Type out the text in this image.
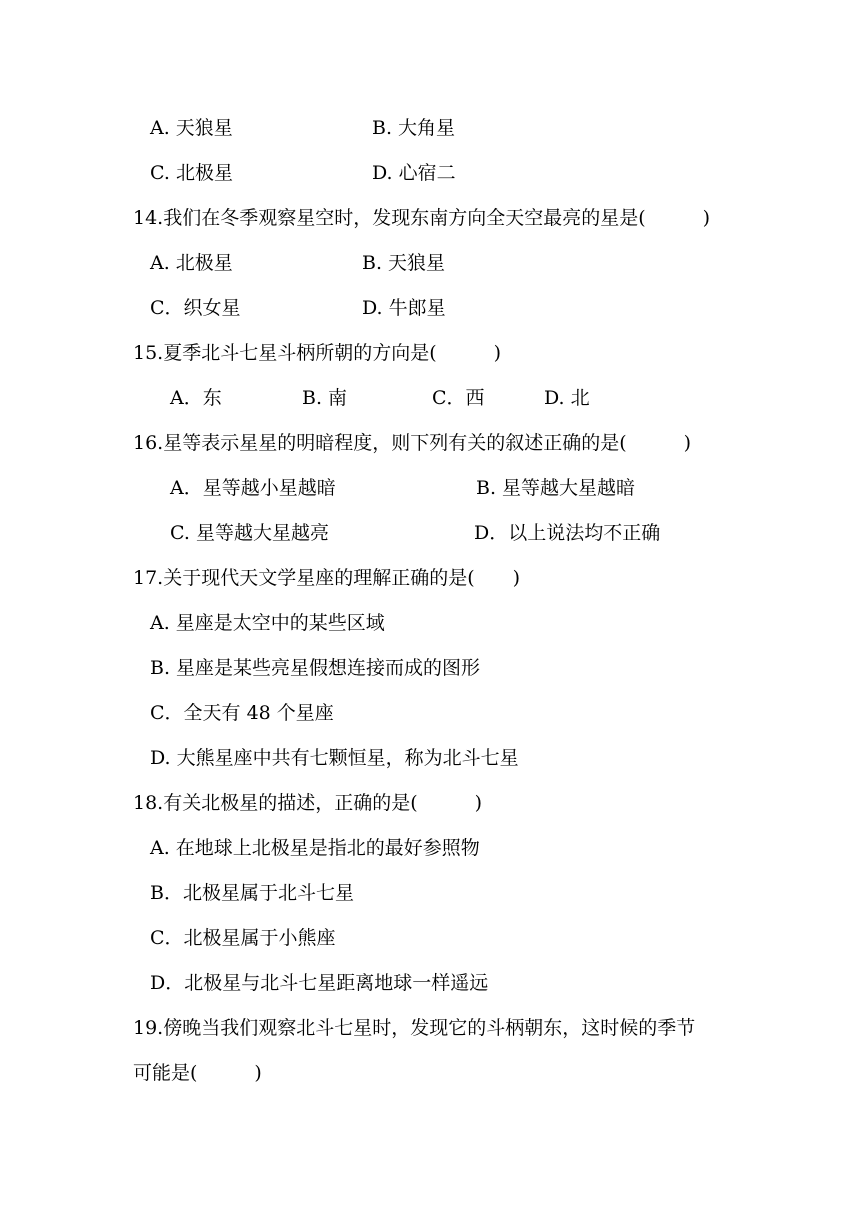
A. 天狼星	B. 大角星
C. 北极星	D. 心宿二
14.我们在冬季观察星空时，发现东南方向全天空最亮的星是(　　　)
A. 北极星	B. 天狼星
C．织女星	D. 牛郎星
15.夏季北斗七星斗柄所朝的方向是(　　　)
A．东	B. 南	C．西	D. 北
16.星等表示星星的明暗程度，则下列有关的叙述正确的是(　　　)
A．星等越小星越暗	B. 星等越大星越暗
C. 星等越大星越亮	D．以上说法均不正确
17.关于现代天文学星座的理解正确的是(　　)
A. 星座是太空中的某些区域
B. 星座是某些亮星假想连接而成的图形
C．全天有 48 个星座
D. 大熊星座中共有七颗恒星，称为北斗七星
18.有关北极星的描述，正确的是(　　　)
A. 在地球上北极星是指北的最好参照物
B．北极星属于北斗七星
C．北极星属于小熊座
D．北极星与北斗七星距离地球一样遥远
19.傍晚当我们观察北斗七星时，发现它的斗柄朝东，这时候的季节
可能是(　　　)
